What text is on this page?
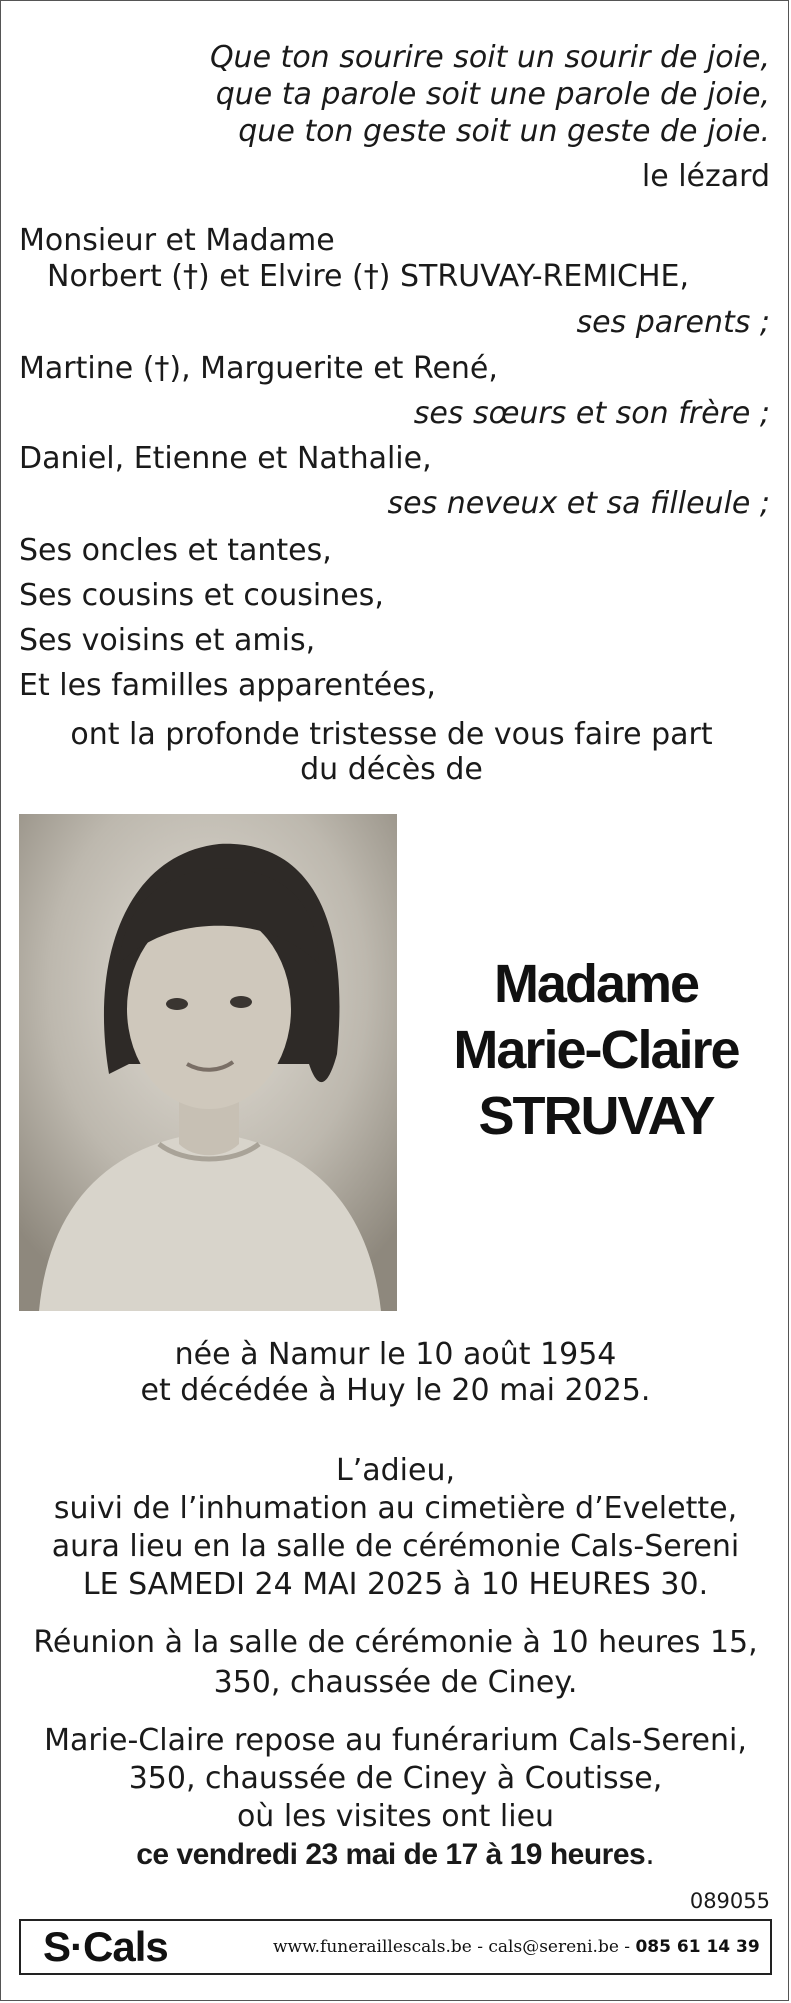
Que ton sourire soit un sourir de joie,
que ta parole soit une parole de joie,
que ton geste soit un geste de joie.
le lézard
Monsieur et Madame
Norbert (†) et Elvire (†) STRUVAY-REMICHE,
ses parents ;
Martine (†), Marguerite et René,
ses sœurs et son frère ;
Daniel, Etienne et Nathalie,
ses neveux et sa filleule ;
Ses oncles et tantes,
Ses cousins et cousines,
Ses voisins et amis,
Et les familles apparentées,
ont la profonde tristesse de vous faire part
du décès de
Madame
Marie-Claire
STRUVAY
née à Namur le 10 août 1954
et décédée à Huy le 20 mai 2025.
L’adieu,
suivi de l’inhumation au cimetière d’Evelette,
aura lieu en la salle de cérémonie Cals-Sereni
LE SAMEDI 24 MAI 2025 à 10 HEURES 30.
Réunion à la salle de cérémonie à 10 heures 15,
350, chaussée de Ciney.
Marie-Claire repose au funérarium Cals-Sereni,
350, chaussée de Ciney à Coutisse,
où les visites ont lieu
ce vendredi 23 mai de 17 à 19 heures.
089055
S·Cals	www.funeraillescals.be - cals@sereni.be - 085 61 14 39
